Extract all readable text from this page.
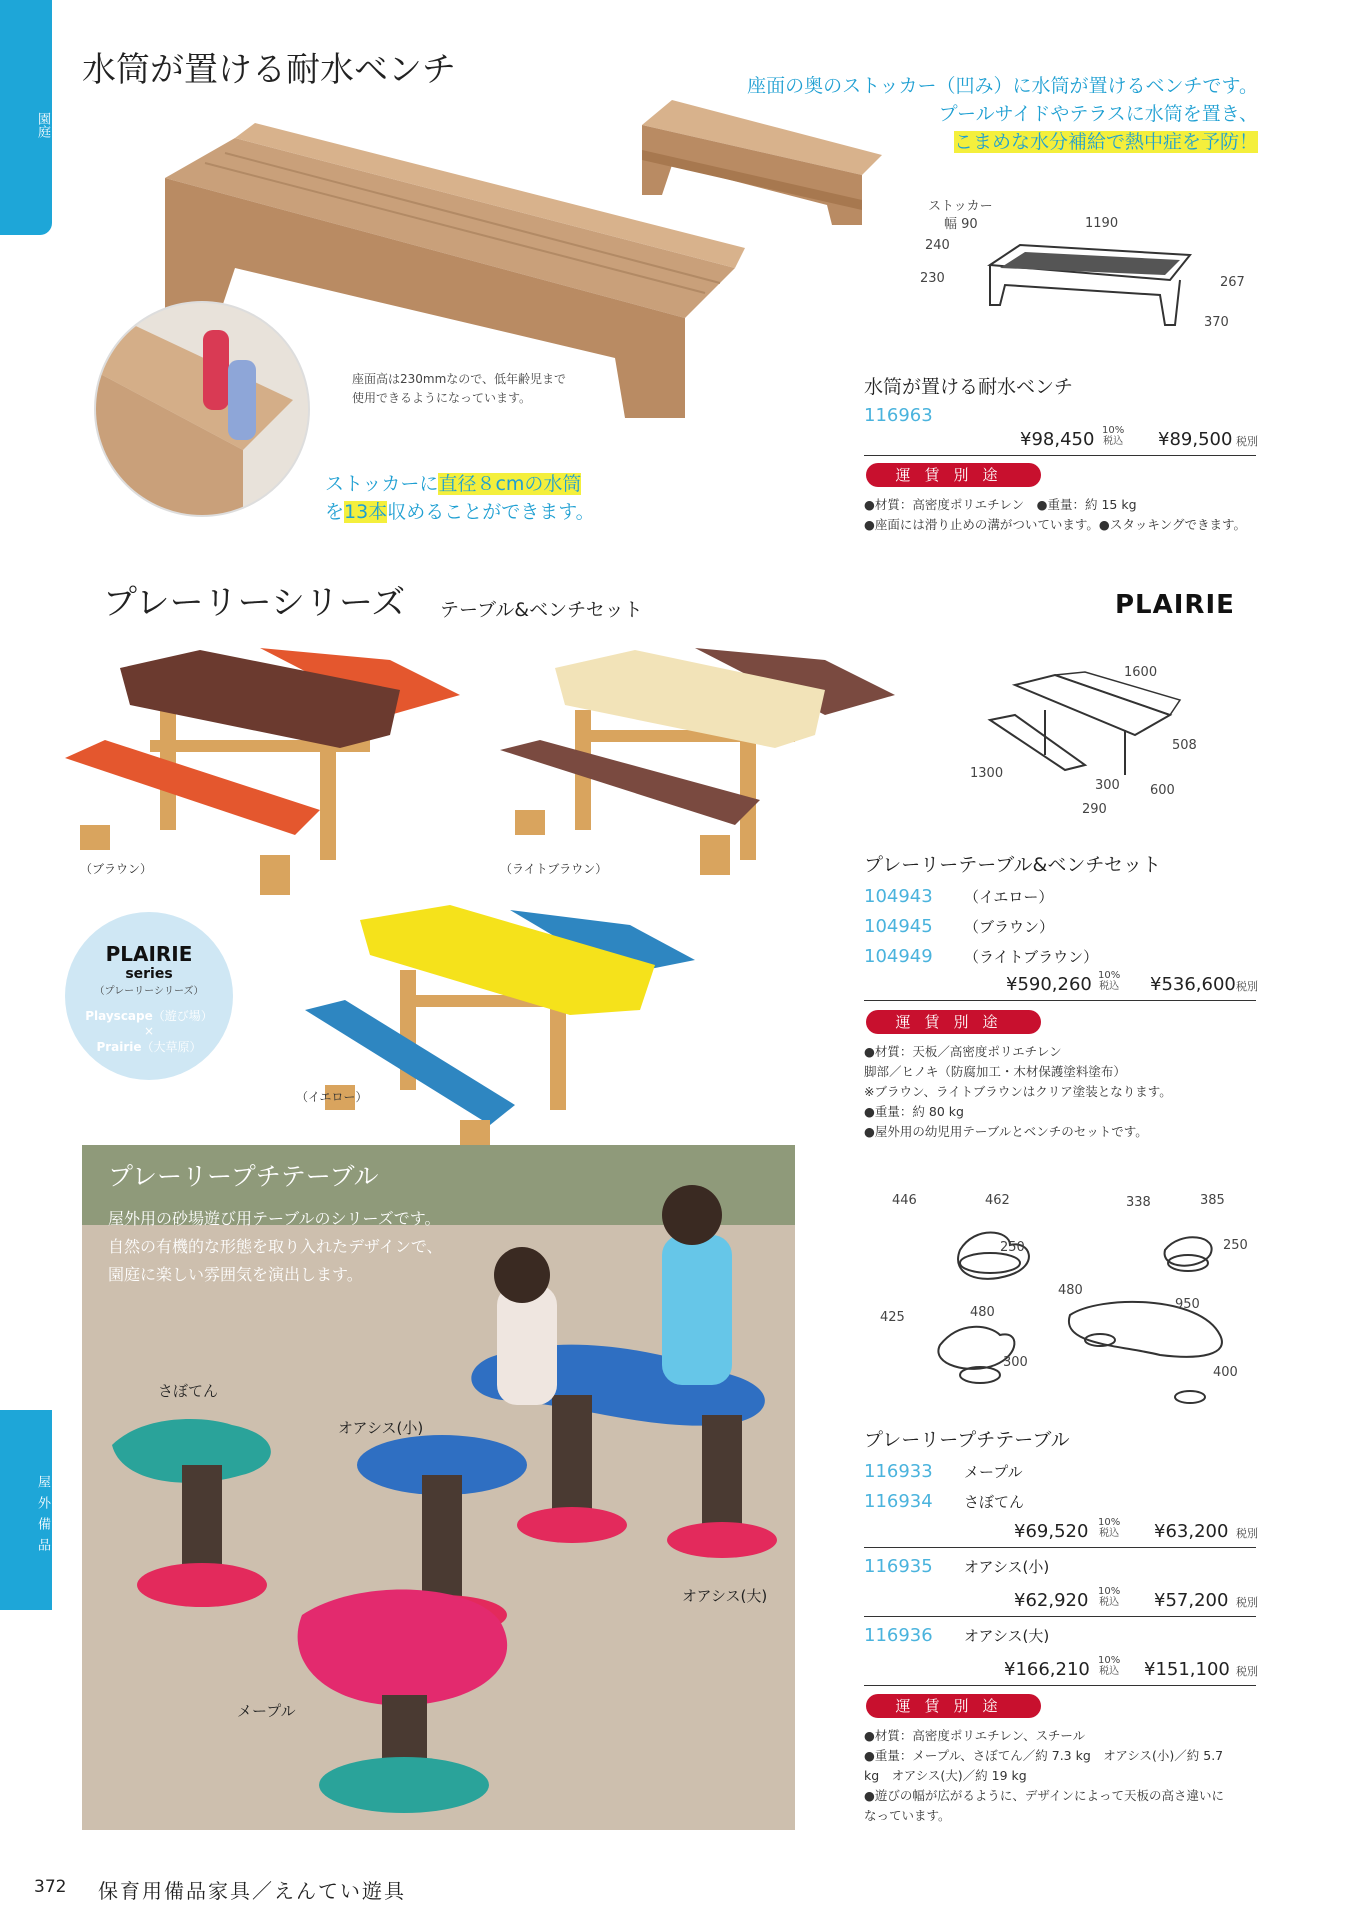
園庭
屋外備品
水筒が置ける耐水ベンチ	座面の奥のストッカー（凹み）に水筒が置けるベンチです。
プールサイドやテラスに水筒を置き、
こまめな水分補給で熱中症を予防！
ストッカー
幅 90	1190
240
230	267
370
座面高は230mmなので、低年齢児まで
使用できるようになっています。
ストッカーに直径８cmの水筒
を13本収めることができます。
水筒が置ける耐水ベンチ
116963
¥98,450 10%
税込 ¥89,500 税別
運賃別途
●材質：高密度ポリエチレン　●重量：約 15 kg
●座面には滑り止めの溝がついています。●スタッキングできます。
プレーリーシリーズ テーブル&ベンチセット	PLAIRIE
（ブラウン）	（ライトブラウン）
（イエロー）
PLAIRIE
series
（プレーリーシリーズ）
Playscape（遊び場）
×
Prairie（大草原）
1600
508
1300
300 600
290
プレーリーテーブル&ベンチセット
104943 （イエロー）
104945 （ブラウン）
104949 （ライトブラウン）
¥590,260 10%
税込 ¥536,600 税別
運賃別途
●材質：天板／高密度ポリエチレン
脚部／ヒノキ（防腐加工・木材保護塗料塗布）
※ブラウン、ライトブラウンはクリア塗装となります。
●重量：約 80 kg
●屋外用の幼児用テーブルとベンチのセットです。
プレーリープチテーブル
屋外用の砂場遊び用テーブルのシリーズです。
自然の有機的な形態を取り入れたデザインで、
園庭に楽しい雰囲気を演出します。
さぼてん
オアシス(小)
オアシス(大)
メープル
446	462
250
338	385
250
425	480
300
480
950
400
プレーリープチテーブル
116933 メープル
116934 さぼてん
¥69,520 10%
税込 ¥63,200 税別
116935 オアシス(小)
¥62,920 10%
税込 ¥57,200 税別
116936 オアシス(大)
¥166,210 10%
税込 ¥151,100 税別
運賃別途
●材質：高密度ポリエチレン、スチール
●重量：メープル、さぼてん／約 7.3 kg　オアシス(小)／約 5.7
kg　オアシス(大)／約 19 kg
●遊びの幅が広がるように、デザインによって天板の高さ違いに
なっています。
372 保育用備品家具／えんてい遊具
